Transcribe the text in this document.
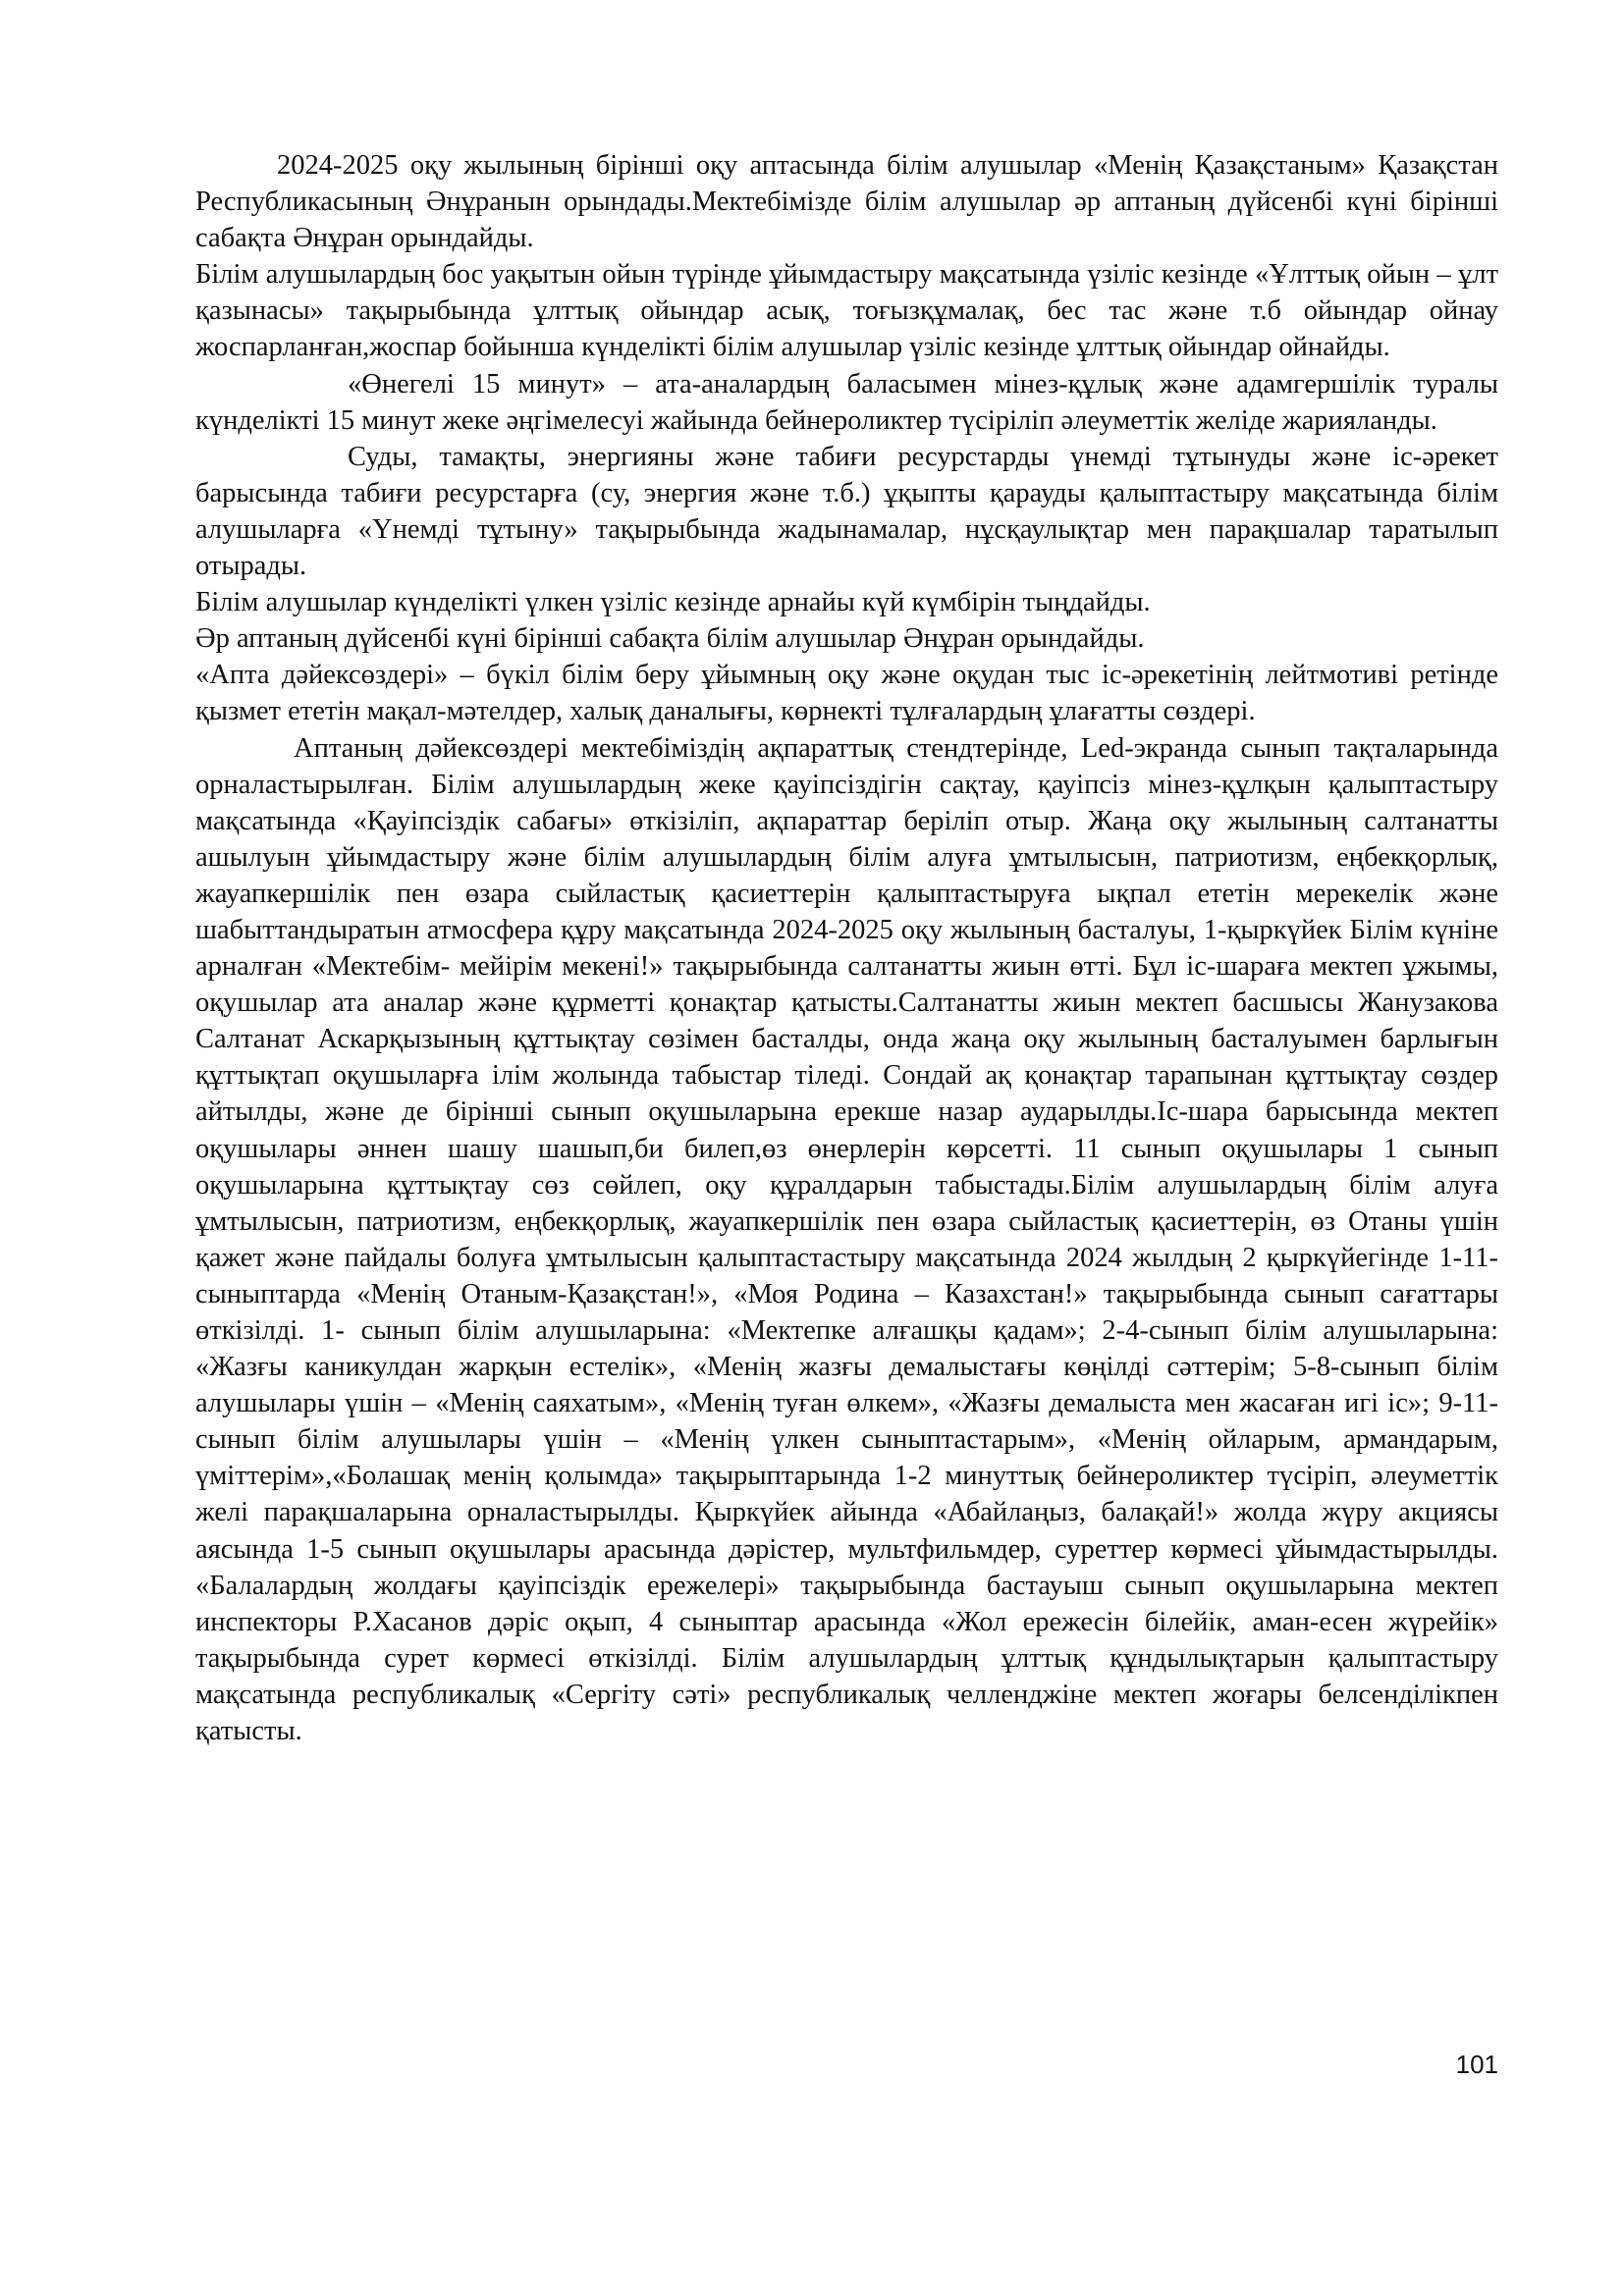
2024-2025 оқу жылының бірінші оқу аптасында білім алушылар «Менің Қазақстаным» Қазақстан Республикасының Әнұранын орындады.Мектебімізде білім алушылар әр аптаның дүйсенбі күні бірінші сабақта Әнұран орындайды.

Білім алушылардың бос уақытын ойын түрінде ұйымдастыру мақсатында үзіліс кезінде «Ұлттық ойын – ұлт қазынасы» тақырыбында ұлттық ойындар асық, тоғызқұмалақ, бес тас және т.б ойындар ойнау жоспарланған,жоспар бойынша күнделікті білім алушылар үзіліс кезінде ұлттық ойындар ойнайды.

«Өнегелі 15 минут» – ата-аналардың баласымен мінез-құлық және адамгершілік туралы күнделікті 15 минут жеке әңгімелесуі жайында бейнероликтер түсіріліп әлеуметтік желіде жарияланды.

Суды, тамақты, энергияны және табиғи ресурстарды үнемді тұтынуды және іс-әрекет барысында табиғи ресурстарға (су, энергия және т.б.) ұқыпты қарауды қалыптастыру мақсатында білім алушыларға «Үнемді тұтыну» тақырыбында жадынамалар, нұсқаулықтар мен парақшалар таратылып отырады.

Білім алушылар күнделікті үлкен үзіліс кезінде арнайы күй күмбірін тыңдайды.

Әр аптаның дүйсенбі күні бірінші сабақта білім алушылар Әнұран орындайды.

«Апта дәйексөздері» – бүкіл білім беру ұйымның оқу және оқудан тыс іс-әрекетінің лейтмотиві ретінде қызмет ететін мақал-мәтелдер, халық даналығы, көрнекті тұлғалардың ұлағатты сөздері.

Аптаның дәйексөздері мектебіміздің ақпараттық стендтерінде, Led-экранда сынып тақталарында орналастырылған. Білім алушылардың жеке қауіпсіздігін сақтау, қауіпсіз мінез-құлқын қалыптастыру мақсатында «Қауіпсіздік сабағы» өткізіліп, ақпараттар беріліп отыр. Жаңа оқу жылының салтанатты ашылуын ұйымдастыру және білім алушылардың білім алуға ұмтылысын, патриотизм, еңбекқорлық, жауапкершілік пен өзара сыйластық қасиеттерін қалыптастыруға ықпал ететін мерекелік және шабыттандыратын атмосфера құру мақсатында 2024-2025 оқу жылының басталуы, 1-қыркүйек Білім күніне арналған «Мектебім- мейірім мекені!» тақырыбында салтанатты жиын өтті. Бұл іс-шараға мектеп ұжымы, оқушылар ата аналар және құрметті қонақтар қатысты.Салтанатты жиын мектеп басшысы Жанузакова Салтанат Аскарқызының құттықтау сөзімен басталды, онда жаңа оқу жылының басталуымен барлығын құттықтап оқушыларға ілім жолында табыстар тіледі. Сондай ақ қонақтар тарапынан құттықтау сөздер айтылды, және де бірінші сынып оқушыларына ерекше назар аударылды.Іс-шара барысында мектеп оқушылары әннен шашу шашып,би билеп,өз өнерлерін көрсетті. 11 сынып оқушылары 1 сынып оқушыларына құттықтау сөз сөйлеп, оқу құралдарын табыстады.Білім алушылардың білім алуға ұмтылысын, патриотизм, еңбекқорлық, жауапкершілік пен өзара сыйластық қасиеттерін, өз Отаны үшін қажет және пайдалы болуға ұмтылысын қалыптастастыру мақсатында 2024 жылдың 2 қыркүйегінде 1-11-сыныптарда «Менің Отаным-Қазақстан!», «Моя Родина – Казахстан!» тақырыбында сынып сағаттары өткізілді. 1- сынып білім алушыларына: «Мектепке алғашқы қадам»; 2-4-сынып білім алушыларына: «Жазғы каникулдан жарқын естелік», «Менің жазғы демалыстағы көңілді сәттерім; 5-8-сынып білім алушылары үшін – «Менің саяхатым», «Менің туған өлкем», «Жазғы демалыста мен жасаған игі іс»; 9-11-сынып білім алушылары үшін – «Менің үлкен сыныптастарым», «Менің ойларым, армандарым, үміттерім»,«Болашақ менің қолымда» тақырыптарында 1-2 минуттық бейнероликтер түсіріп, әлеуметтік желі парақшаларына орналастырылды. Қыркүйек айында «Абайлаңыз, балақай!» жолда жүру акциясы аясында 1-5 сынып оқушылары арасында дәрістер, мультфильмдер, суреттер көрмесі ұйымдастырылды. «Балалардың жолдағы қауіпсіздік ережелері» тақырыбында бастауыш сынып оқушыларына мектеп инспекторы Р.Хасанов дәріс оқып, 4 сыныптар арасында «Жол ережесін білейік, аман-есен жүрейік» тақырыбында сурет көрмесі өткізілді. Білім алушылардың ұлттық құндылықтарын қалыптастыру мақсатында республикалық «Сергіту сәті» республикалық челленджіне мектеп жоғары белсенділікпен қатысты.

101
